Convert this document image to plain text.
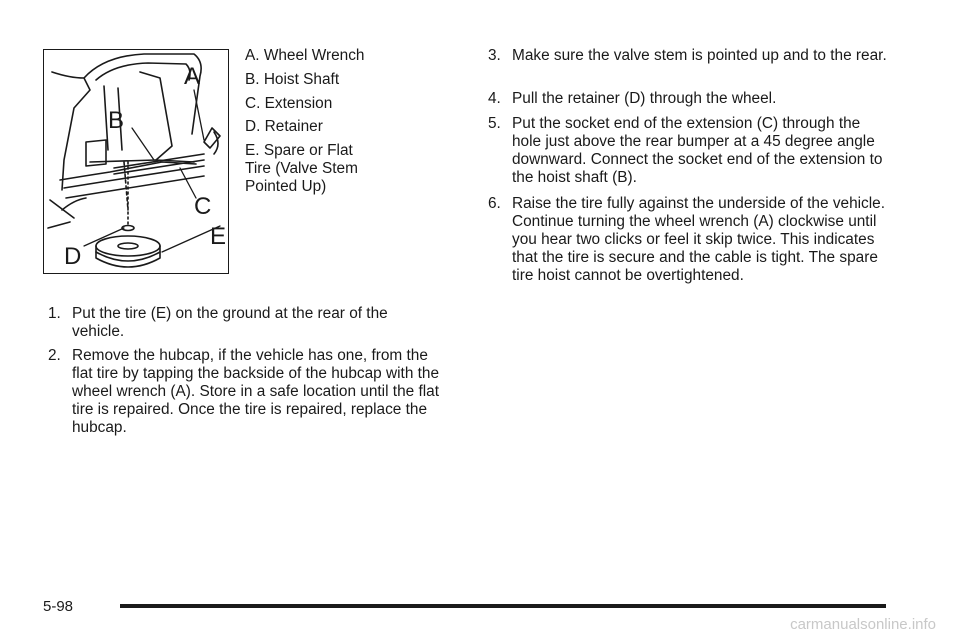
A
B
C
D
E
A. Wheel Wrench
B. Hoist Shaft
C. Extension
D. Retainer
E. Spare or Flat
Tire (Valve Stem
Pointed Up)
1. Put the tire (E) on the ground at the rear of the vehicle.
2. Remove the hubcap, if the vehicle has one, from the flat tire by tapping the backside of the hubcap with the wheel wrench (A). Store in a safe location until the flat tire is repaired. Once the tire is repaired, replace the hubcap.
3. Make sure the valve stem is pointed up and to the rear.
4. Pull the retainer (D) through the wheel.
5. Put the socket end of the extension (C) through the hole just above the rear bumper at a 45 degree angle downward. Connect the socket end of the extension to the hoist shaft (B).
6. Raise the tire fully against the underside of the vehicle. Continue turning the wheel wrench (A) clockwise until you hear two clicks or feel it skip twice. This indicates that the tire is secure and the cable is tight. The spare tire hoist cannot be overtightened.
5-98
carmanualsonline.info
